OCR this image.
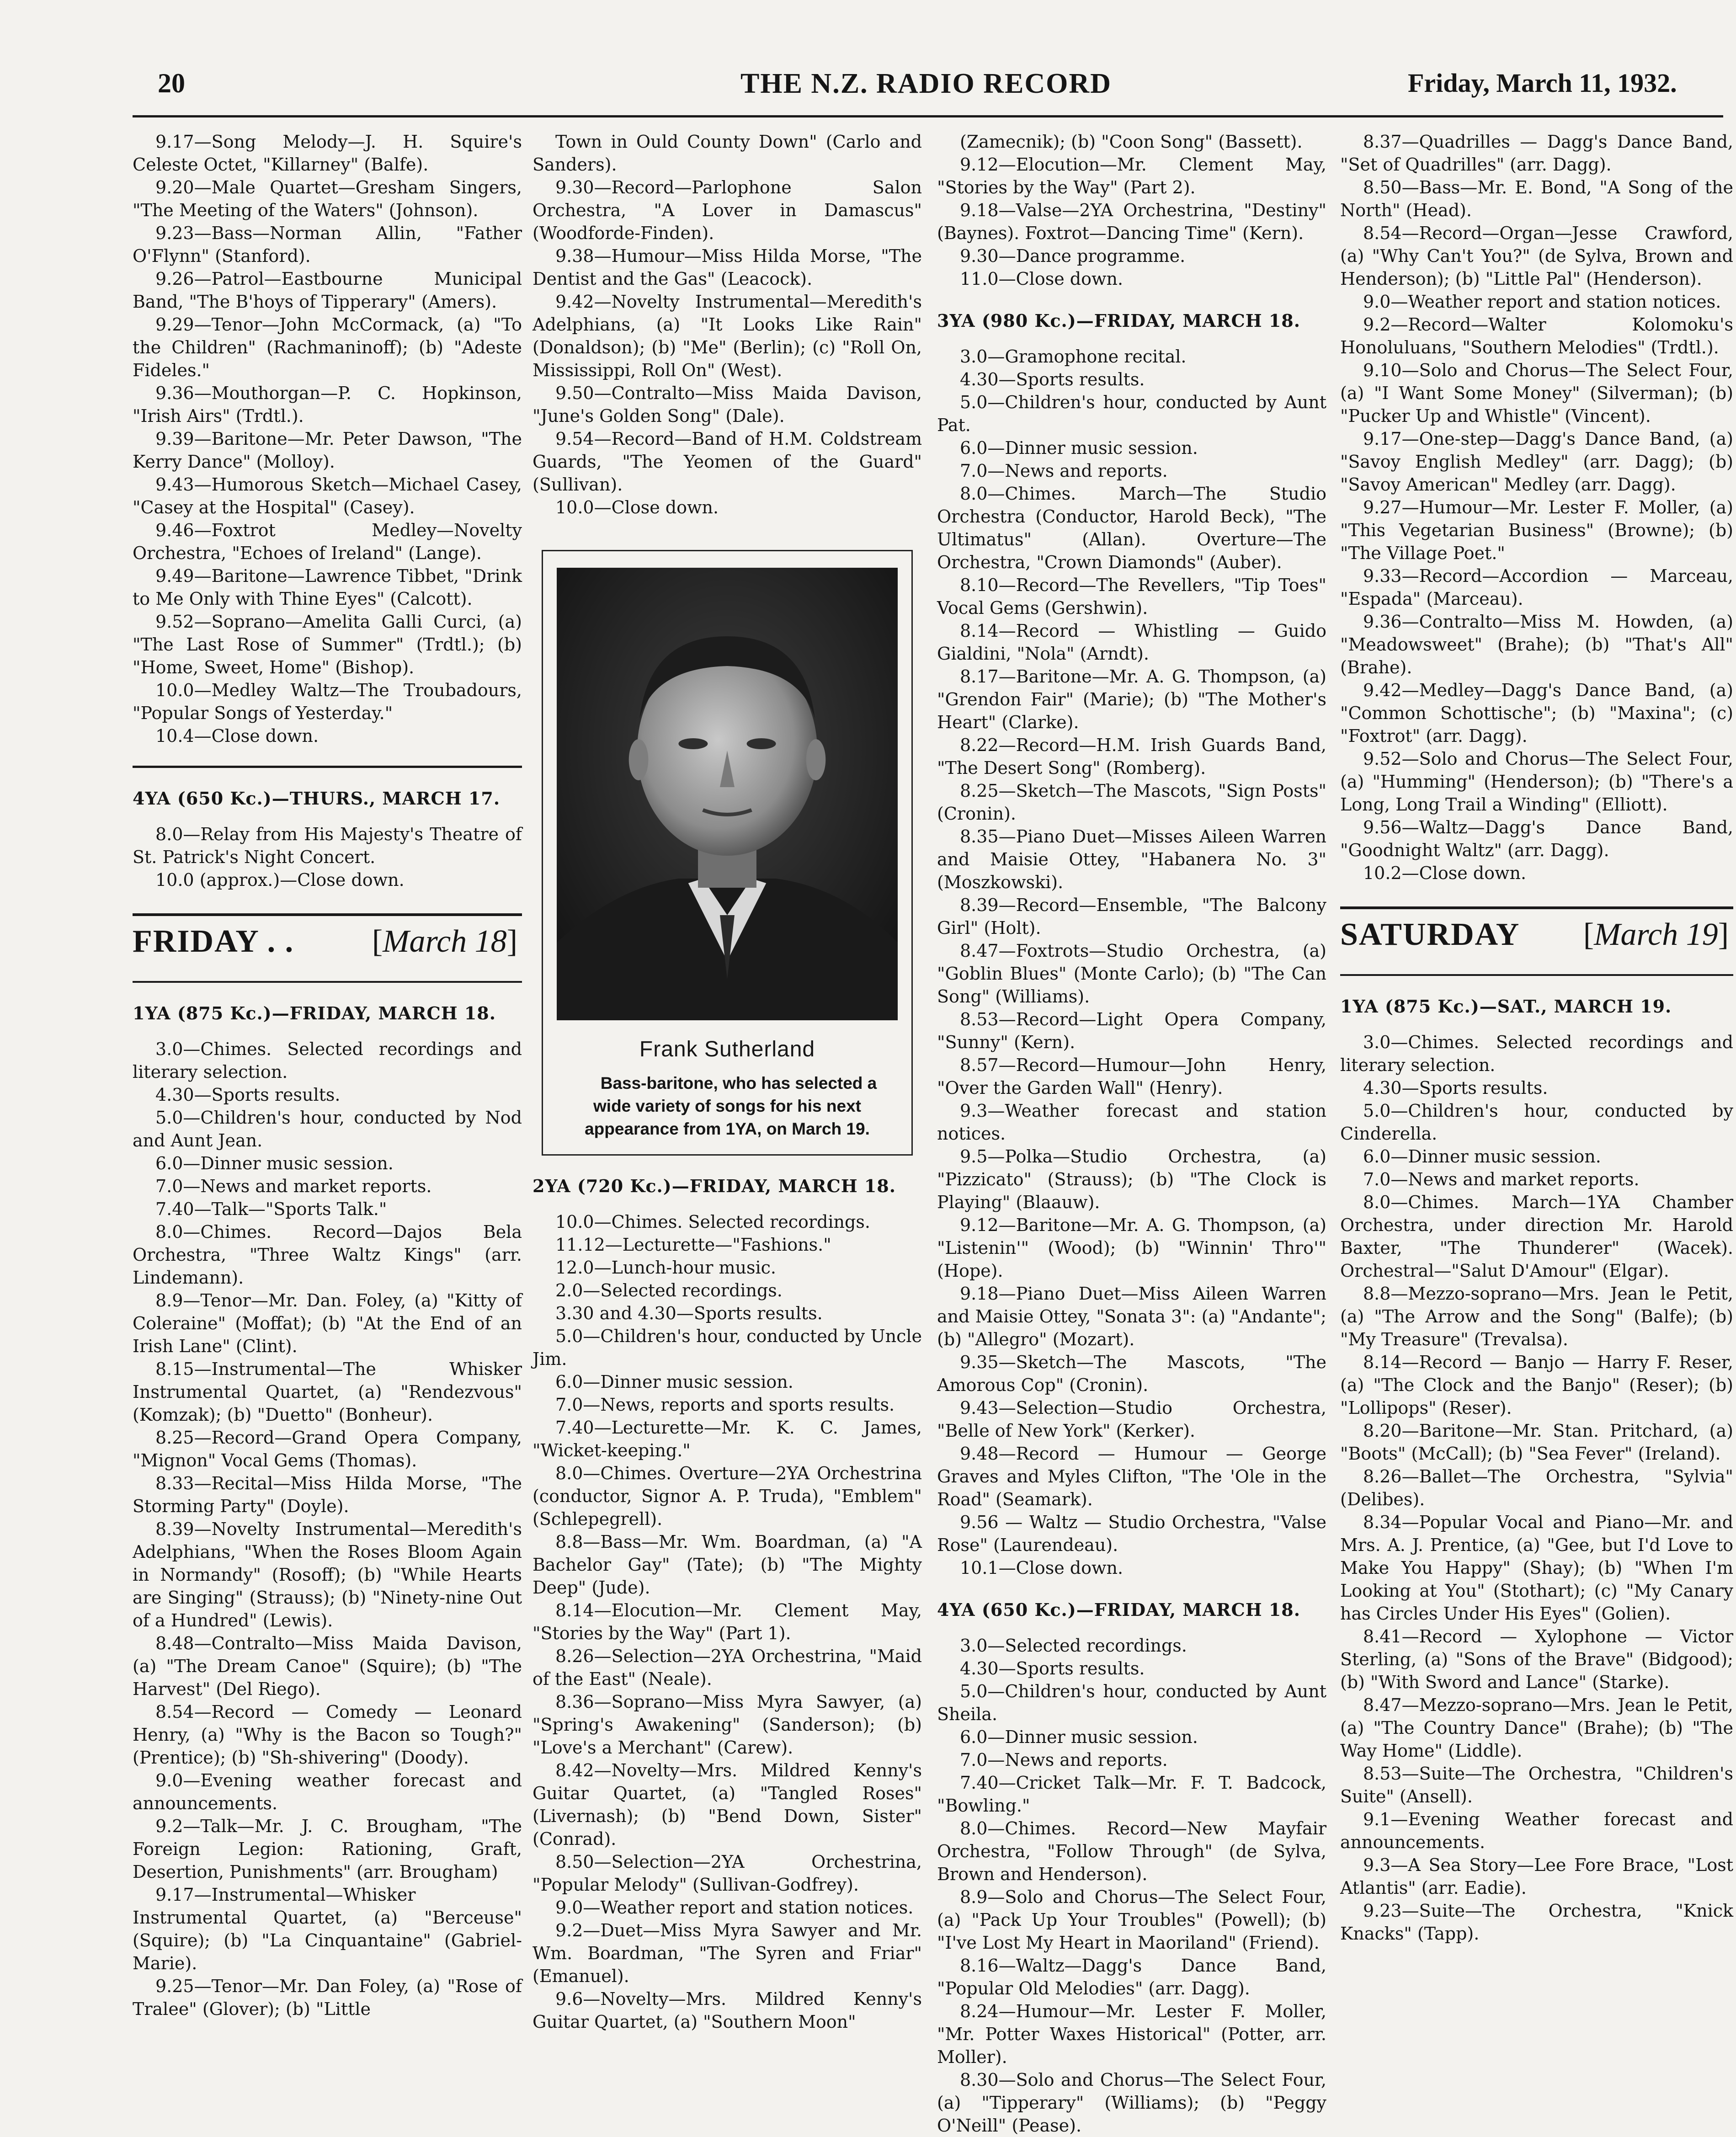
20	THE N.Z. RADIO RECORD	Friday, March 11, 1932.

9.17—Song Melody—J. H. Squire's Celeste Octet, "Killarney" (Balfe).

9.20—Male Quartet—Gresham Singers, "The Meeting of the Waters" (Johnson).

9.23—Bass—Norman Allin, "Father O'Flynn" (Stanford).

9.26—Patrol—Eastbourne Municipal Band, "The B'hoys of Tipperary" (Amers).

9.29—Tenor—John McCormack, (a) "To the Children" (Rachmaninoff); (b) "Adeste Fideles."

9.36—Mouthorgan—P. C. Hopkinson, "Irish Airs" (Trdtl.).

9.39—Baritone—Mr. Peter Dawson, "The Kerry Dance" (Molloy).

9.43—Humorous Sketch—Michael Casey, "Casey at the Hospital" (Casey).

9.46—Foxtrot Medley—Novelty Orchestra, "Echoes of Ireland" (Lange).

9.49—Baritone—Lawrence Tibbet, "Drink to Me Only with Thine Eyes" (Calcott).

9.52—Soprano—Amelita Galli Curci, (a) "The Last Rose of Summer" (Trdtl.); (b) "Home, Sweet, Home" (Bishop).

10.0—Medley Waltz—The Troubadours, "Popular Songs of Yesterday."

10.4—Close down.

4YA (650 Kc.)—THURS., MARCH 17.

8.0—Relay from His Majesty's Theatre of St. Patrick's Night Concert.

10.0 (approx.)—Close down.

FRIDAY . . [March 18]
1YA (875 Kc.)—FRIDAY, MARCH 18.

3.0—Chimes. Selected recordings and literary selection.

4.30—Sports results.

5.0—Children's hour, conducted by Nod and Aunt Jean.

6.0—Dinner music session.

7.0—News and market reports.

7.40—Talk—"Sports Talk."

8.0—Chimes. Record—Dajos Bela Orchestra, "Three Waltz Kings" (arr. Lindemann).

8.9—Tenor—Mr. Dan. Foley, (a) "Kitty of Coleraine" (Moffat); (b) "At the End of an Irish Lane" (Clint).

8.15—Instrumental—The Whisker Instrumental Quartet, (a) "Rendezvous" (Komzak); (b) "Duetto" (Bonheur).

8.25—Record—Grand Opera Company, "Mignon" Vocal Gems (Thomas).

8.33—Recital—Miss Hilda Morse, "The Storming Party" (Doyle).

8.39—Novelty Instrumental—Meredith's Adelphians, "When the Roses Bloom Again in Normandy" (Rosoff); (b) "While Hearts are Singing" (Strauss); (b) "Ninety-nine Out of a Hundred" (Lewis).

8.48—Contralto—Miss Maida Davison, (a) "The Dream Canoe" (Squire); (b) "The Harvest" (Del Riego).

8.54—Record — Comedy — Leonard Henry, (a) "Why is the Bacon so Tough?" (Prentice); (b) "Sh-shivering" (Doody).

9.0—Evening weather forecast and announcements.

9.2—Talk—Mr. J. C. Brougham, "The Foreign Legion: Rationing, Graft, Desertion, Punishments" (arr. Brougham)

9.17—Instrumental—Whisker Instrumental Quartet, (a) "Berceuse" (Squire); (b) "La Cinquantaine" (Gabriel-Marie).

9.25—Tenor—Mr. Dan Foley, (a) "Rose of Tralee" (Glover); (b) "Little

Town in Ould County Down" (Carlo and Sanders).

9.30—Record—Parlophone Salon Orchestra, "A Lover in Damascus" (Woodforde-Finden).

9.38—Humour—Miss Hilda Morse, "The Dentist and the Gas" (Leacock).

9.42—Novelty Instrumental—Meredith's Adelphians, (a) "It Looks Like Rain" (Donaldson); (b) "Me" (Berlin); (c) "Roll On, Mississippi, Roll On" (West).

9.50—Contralto—Miss Maida Davison, "June's Golden Song" (Dale).

9.54—Record—Band of H.M. Coldstream Guards, "The Yeomen of the Guard" (Sullivan).

10.0—Close down.

Frank Sutherland

Bass-baritone, who has selected a wide variety of songs for his next appearance from 1YA, on March 19.

2YA (720 Kc.)—FRIDAY, MARCH 18.

10.0—Chimes. Selected recordings.

11.12—Lecturette—"Fashions."

12.0—Lunch-hour music.

2.0—Selected recordings.

3.30 and 4.30—Sports results.

5.0—Children's hour, conducted by Uncle Jim.

6.0—Dinner music session.

7.0—News, reports and sports results.

7.40—Lecturette—Mr. K. C. James, "Wicket-keeping."

8.0—Chimes. Overture—2YA Orchestrina (conductor, Signor A. P. Truda), "Emblem" (Schlepegrell).

8.8—Bass—Mr. Wm. Boardman, (a) "A Bachelor Gay" (Tate); (b) "The Mighty Deep" (Jude).

8.14—Elocution—Mr. Clement May, "Stories by the Way" (Part 1).

8.26—Selection—2YA Orchestrina, "Maid of the East" (Neale).

8.36—Soprano—Miss Myra Sawyer, (a) "Spring's Awakening" (Sanderson); (b) "Love's a Merchant" (Carew).

8.42—Novelty—Mrs. Mildred Kenny's Guitar Quartet, (a) "Tangled Roses" (Livernash); (b) "Bend Down, Sister" (Conrad).

8.50—Selection—2YA Orchestrina, "Popular Melody" (Sullivan-Godfrey).

9.0—Weather report and station notices.

9.2—Duet—Miss Myra Sawyer and Mr. Wm. Boardman, "The Syren and Friar" (Emanuel).

9.6—Novelty—Mrs. Mildred Kenny's Guitar Quartet, (a) "Southern Moon"

(Zamecnik); (b) "Coon Song" (Bassett).

9.12—Elocution—Mr. Clement May, "Stories by the Way" (Part 2).

9.18—Valse—2YA Orchestrina, "Destiny" (Baynes). Foxtrot—Dancing Time" (Kern).

9.30—Dance programme.

11.0—Close down.

3YA (980 Kc.)—FRIDAY, MARCH 18.

3.0—Gramophone recital.

4.30—Sports results.

5.0—Children's hour, conducted by Aunt Pat.

6.0—Dinner music session.

7.0—News and reports.

8.0—Chimes. March—The Studio Orchestra (Conductor, Harold Beck), "The Ultimatus" (Allan). Overture—The Orchestra, "Crown Diamonds" (Auber).

8.10—Record—The Revellers, "Tip Toes" Vocal Gems (Gershwin).

8.14—Record — Whistling — Guido Gialdini, "Nola" (Arndt).

8.17—Baritone—Mr. A. G. Thompson, (a) "Grendon Fair" (Marie); (b) "The Mother's Heart" (Clarke).

8.22—Record—H.M. Irish Guards Band, "The Desert Song" (Romberg).

8.25—Sketch—The Mascots, "Sign Posts" (Cronin).

8.35—Piano Duet—Misses Aileen Warren and Maisie Ottey, "Habanera No. 3" (Moszkowski).

8.39—Record—Ensemble, "The Balcony Girl" (Holt).

8.47—Foxtrots—Studio Orchestra, (a) "Goblin Blues" (Monte Carlo); (b) "The Can Song" (Williams).

8.53—Record—Light Opera Company, "Sunny" (Kern).

8.57—Record—Humour—John Henry, "Over the Garden Wall" (Henry).

9.3—Weather forecast and station notices.

9.5—Polka—Studio Orchestra, (a) "Pizzicato" (Strauss); (b) "The Clock is Playing" (Blaauw).

9.12—Baritone—Mr. A. G. Thompson, (a) "Listenin'" (Wood); (b) "Winnin' Thro'" (Hope).

9.18—Piano Duet—Miss Aileen Warren and Maisie Ottey, "Sonata 3": (a) "Andante"; (b) "Allegro" (Mozart).

9.35—Sketch—The Mascots, "The Amorous Cop" (Cronin).

9.43—Selection—Studio Orchestra, "Belle of New York" (Kerker).

9.48—Record — Humour — George Graves and Myles Clifton, "The 'Ole in the Road" (Seamark).

9.56 — Waltz — Studio Orchestra, "Valse Rose" (Laurendeau).

10.1—Close down.

4YA (650 Kc.)—FRIDAY, MARCH 18.

3.0—Selected recordings.

4.30—Sports results.

5.0—Children's hour, conducted by Aunt Sheila.

6.0—Dinner music session.

7.0—News and reports.

7.40—Cricket Talk—Mr. F. T. Badcock, "Bowling."

8.0—Chimes. Record—New Mayfair Orchestra, "Follow Through" (de Sylva, Brown and Henderson).

8.9—Solo and Chorus—The Select Four, (a) "Pack Up Your Troubles" (Powell); (b) "I've Lost My Heart in Maoriland" (Friend).

8.16—Waltz—Dagg's Dance Band, "Popular Old Melodies" (arr. Dagg).

8.24—Humour—Mr. Lester F. Moller, "Mr. Potter Waxes Historical" (Potter, arr. Moller).

8.30—Solo and Chorus—The Select Four, (a) "Tipperary" (Williams); (b) "Peggy O'Neill" (Pease).

8.37—Quadrilles — Dagg's Dance Band, "Set of Quadrilles" (arr. Dagg).

8.50—Bass—Mr. E. Bond, "A Song of the North" (Head).

8.54—Record—Organ—Jesse Crawford, (a) "Why Can't You?" (de Sylva, Brown and Henderson); (b) "Little Pal" (Henderson).

9.0—Weather report and station notices.

9.2—Record—Walter Kolomoku's Honoluluans, "Southern Melodies" (Trdtl.).

9.10—Solo and Chorus—The Select Four, (a) "I Want Some Money" (Silverman); (b) "Pucker Up and Whistle" (Vincent).

9.17—One-step—Dagg's Dance Band, (a) "Savoy English Medley" (arr. Dagg); (b) "Savoy American" Medley (arr. Dagg).

9.27—Humour—Mr. Lester F. Moller, (a) "This Vegetarian Business" (Browne); (b) "The Village Poet."

9.33—Record—Accordion — Marceau, "Espada" (Marceau).

9.36—Contralto—Miss M. Howden, (a) "Meadowsweet" (Brahe); (b) "That's All" (Brahe).

9.42—Medley—Dagg's Dance Band, (a) "Common Schottische"; (b) "Maxina"; (c) "Foxtrot" (arr. Dagg).

9.52—Solo and Chorus—The Select Four, (a) "Humming" (Henderson); (b) "There's a Long, Long Trail a Winding" (Elliott).

9.56—Waltz—Dagg's Dance Band, "Goodnight Waltz" (arr. Dagg).

10.2—Close down.

SATURDAY [March 19]
1YA (875 Kc.)—SAT., MARCH 19.

3.0—Chimes. Selected recordings and literary selection.

4.30—Sports results.

5.0—Children's hour, conducted by Cinderella.

6.0—Dinner music session.

7.0—News and market reports.

8.0—Chimes. March—1YA Chamber Orchestra, under direction Mr. Harold Baxter, "The Thunderer" (Wacek). Orchestral—"Salut D'Amour" (Elgar).

8.8—Mezzo-soprano—Mrs. Jean le Petit, (a) "The Arrow and the Song" (Balfe); (b) "My Treasure" (Trevalsa).

8.14—Record — Banjo — Harry F. Reser, (a) "The Clock and the Banjo" (Reser); (b) "Lollipops" (Reser).

8.20—Baritone—Mr. Stan. Pritchard, (a) "Boots" (McCall); (b) "Sea Fever" (Ireland).

8.26—Ballet—The Orchestra, "Sylvia" (Delibes).

8.34—Popular Vocal and Piano—Mr. and Mrs. A. J. Prentice, (a) "Gee, but I'd Love to Make You Happy" (Shay); (b) "When I'm Looking at You" (Stothart); (c) "My Canary has Circles Under His Eyes" (Golien).

8.41—Record — Xylophone — Victor Sterling, (a) "Sons of the Brave" (Bidgood); (b) "With Sword and Lance" (Starke).

8.47—Mezzo-soprano—Mrs. Jean le Petit, (a) "The Country Dance" (Brahe); (b) "The Way Home" (Liddle).

8.53—Suite—The Orchestra, "Children's Suite" (Ansell).

9.1—Evening Weather forecast and announcements.

9.3—A Sea Story—Lee Fore Brace, "Lost Atlantis" (arr. Eadie).

9.23—Suite—The Orchestra, "Knick Knacks" (Tapp).
